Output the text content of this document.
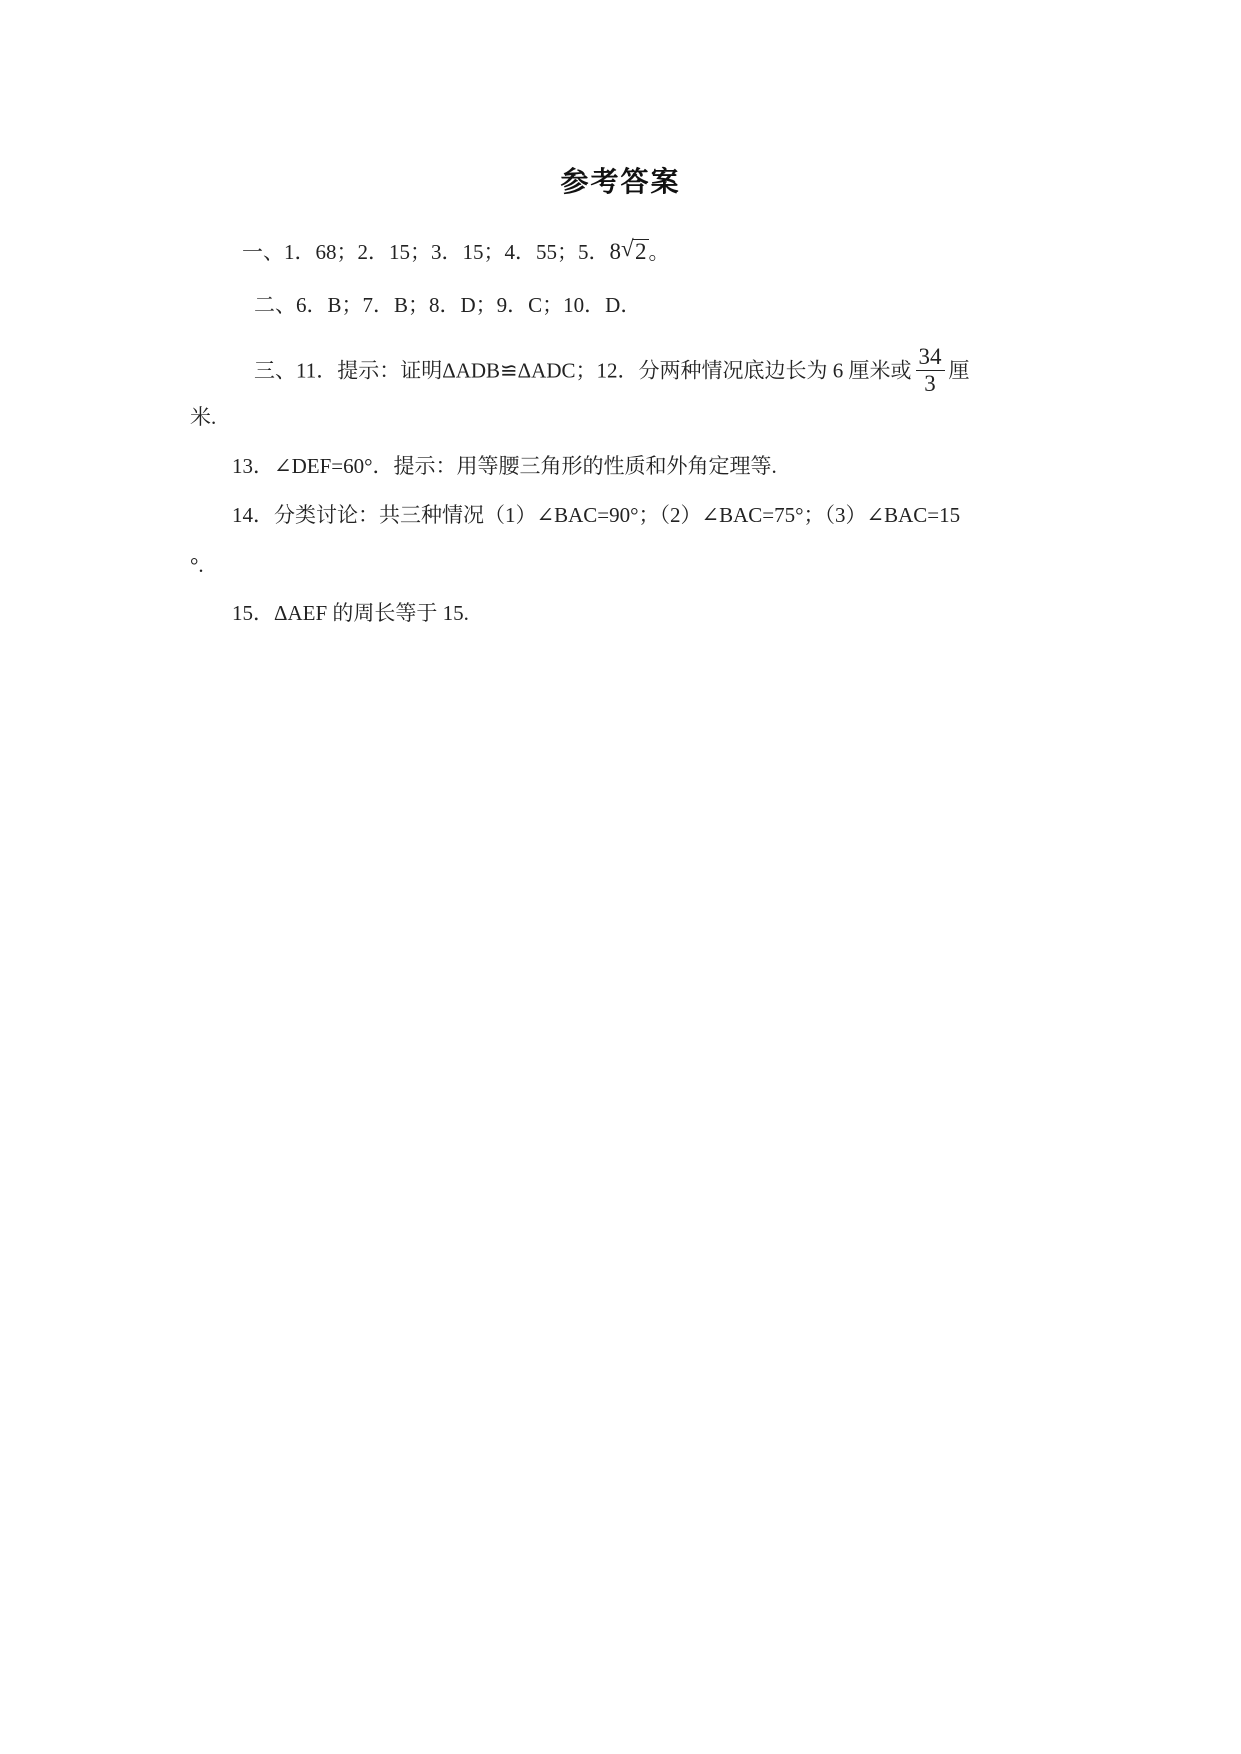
参考答案
一、1．68；2．15；3．15；4．55；5．8 √ 2。
二、6．B；7．B；8．D；9．C；10．D．
三、11．提示：证明ΔADB≌ΔADC；12．分两种情况底边长为 6 厘米或 $\frac{34}{3}$ 厘
米.
13．∠DEF=60°．提示：用等腰三角形的性质和外角定理等.
14．分类讨论：共三种情况（1）∠BAC=90°；（2）∠BAC=75°；（3）∠BAC=15
°.
15．ΔAEF 的周长等于 15.
